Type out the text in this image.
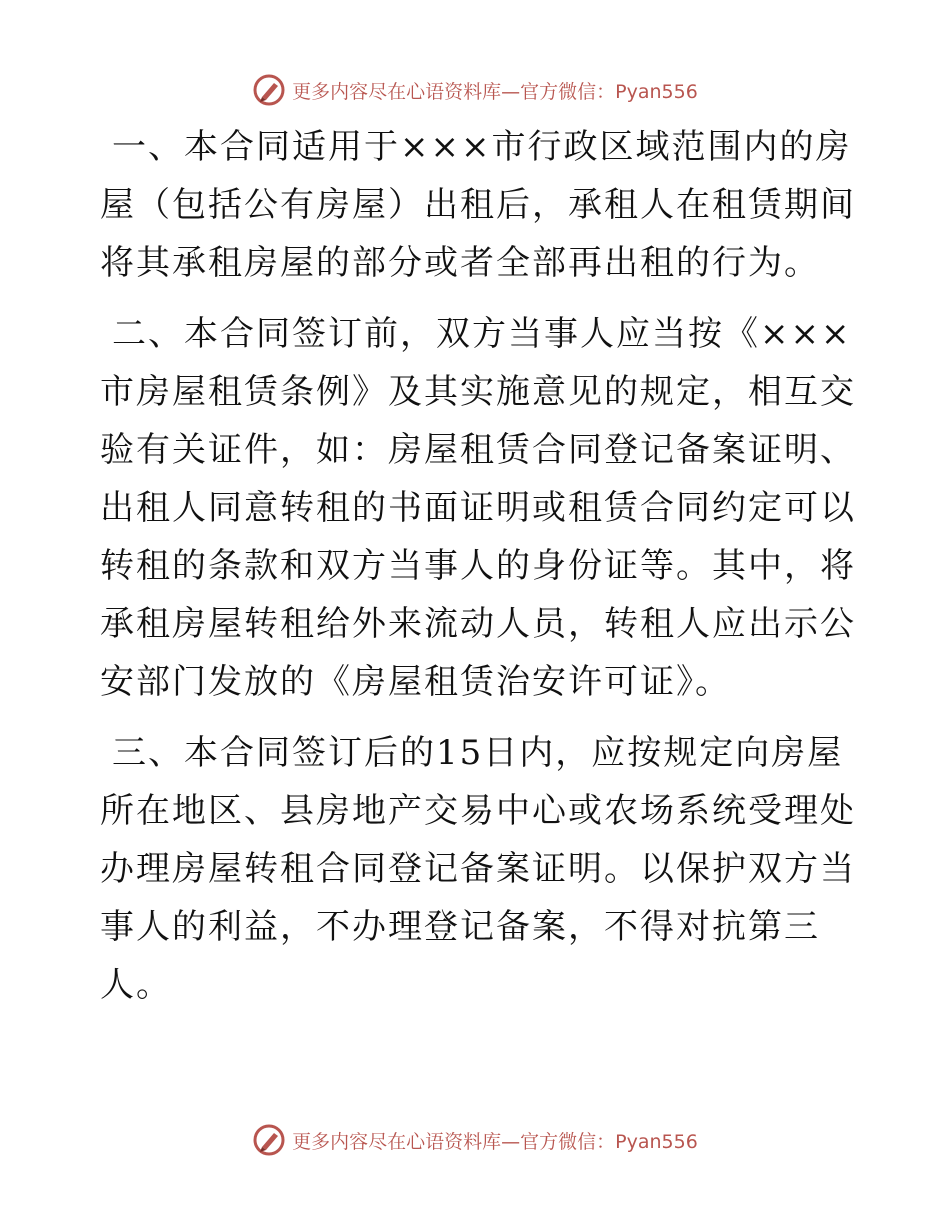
更多内容尽在心语资料库—官方微信：Pyan556

一、本合同适用于×××市行政区域范围内的房屋（包括公有房屋）出租后，承租人在租赁期间将其承租房屋的部分或者全部再出租的行为。

二、本合同签订前，双方当事人应当按《×××市房屋租赁条例》及其实施意见的规定，相互交验有关证件，如：房屋租赁合同登记备案证明、出租人同意转租的书面证明或租赁合同约定可以转租的条款和双方当事人的身份证等。其中，将承租房屋转租给外来流动人员，转租人应出示公安部门发放的《房屋租赁治安许可证》。

三、本合同签订后的15日内，应按规定向房屋所在地区、县房地产交易中心或农场系统受理处办理房屋转租合同登记备案证明。以保护双方当事人的利益，不办理登记备案，不得对抗第三人。

更多内容尽在心语资料库—官方微信：Pyan556
